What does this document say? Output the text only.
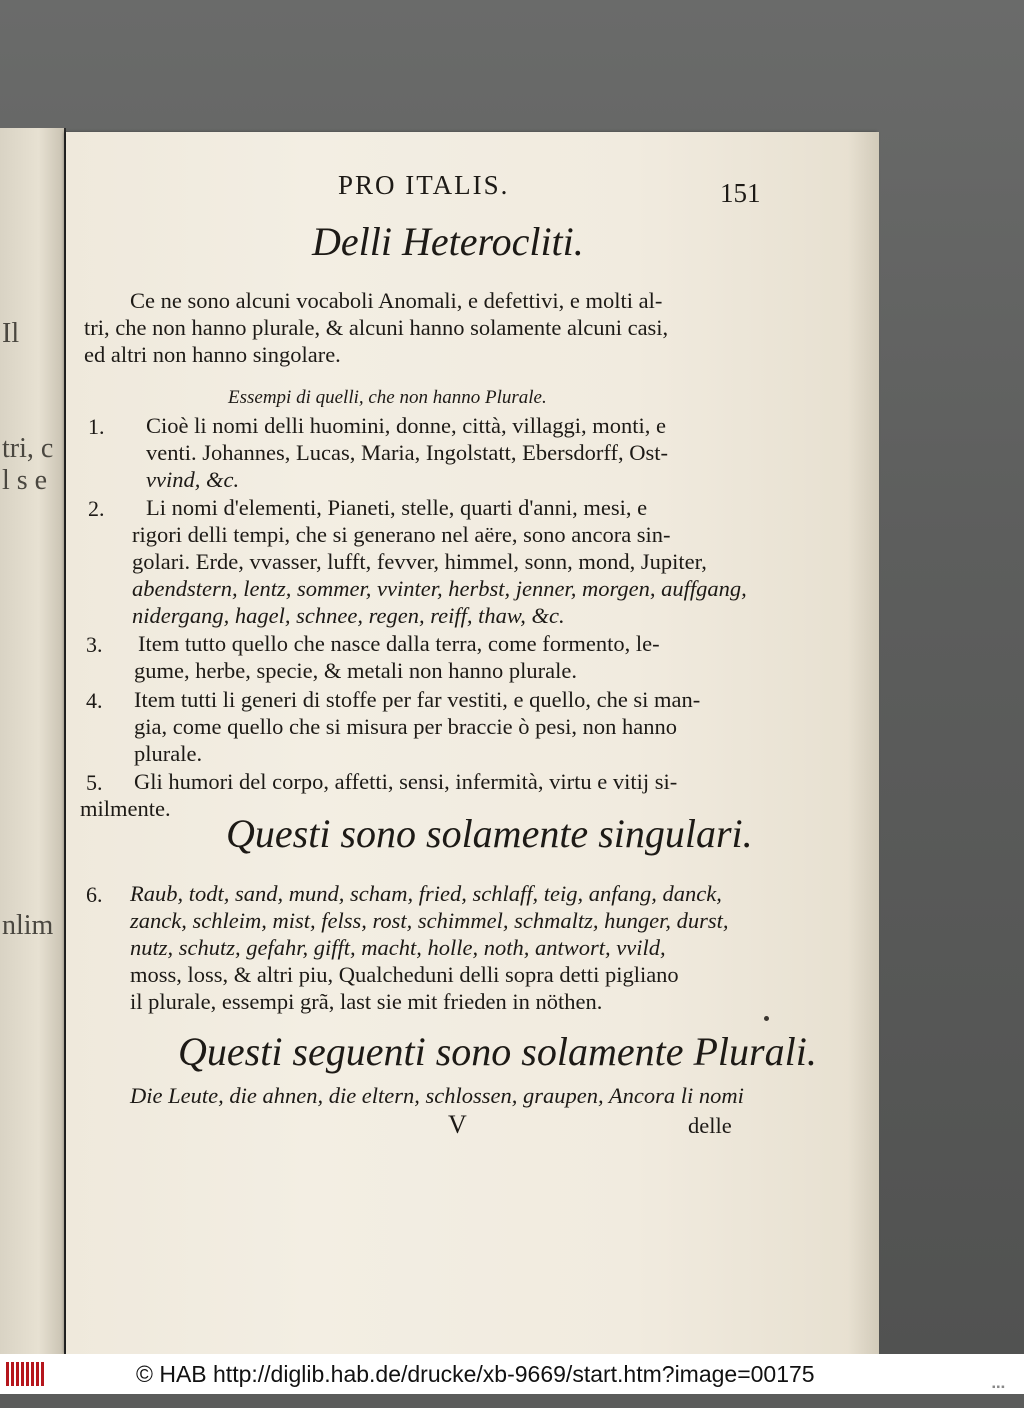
Il
tri, c
l s e
nlim
PRO ITALIS.	151
Delli Heterocliti.
Ce ne sono alcuni vocaboli Anomali, e defettivi, e molti al-
tri, che non hanno plurale, & alcuni hanno solamente alcuni casi,
ed altri non hanno singolare.
Essempi di quelli, che non hanno Plurale.
1. Cioè li nomi delli huomini, donne, città, villaggi, monti, e
venti. Johannes, Lucas, Maria, Ingolstatt, Ebersdorff, Ost-
vvind, &c.
2. Li nomi d'elementi, Pianeti, stelle, quarti d'anni, mesi, e
rigori delli tempi, che si generano nel aëre, sono ancora sin-
golari. Erde, vvasser, lufft, fevver, himmel, sonn, mond, Jupiter,
abendstern, lentz, sommer, vvinter, herbst, jenner, morgen, auffgang,
nidergang, hagel, schnee, regen, reiff, thaw, &c.
3. Item tutto quello che nasce dalla terra, come formento, le-
gume, herbe, specie, & metali non hanno plurale.
4. Item tutti li generi di stoffe per far vestiti, e quello, che si man-
gia, come quello che si misura per braccie ò pesi, non hanno
plurale.
5. Gli humori del corpo, affetti, sensi, infermità, virtu e vitij si-
milmente.
Questi sono solamente singulari.
6. Raub, todt, sand, mund, scham, fried, schlaff, teig, anfang, danck,
zanck, schleim, mist, felss, rost, schimmel, schmaltz, hunger, durst,
nutz, schutz, gefahr, gifft, macht, holle, noth, antwort, vvild,
moss, loss, & altri piu, Qualcheduni delli sopra detti pigliano
il plurale, essempi grã, last sie mit frieden in nöthen.
Questi seguenti sono solamente Plurali.
Die Leute, die ahnen, die eltern, schlossen, graupen, Ancora li nomi
V	delle
© HAB http://diglib.hab.de/drucke/xb-9669/start.htm?image=00175
▪▪▪
